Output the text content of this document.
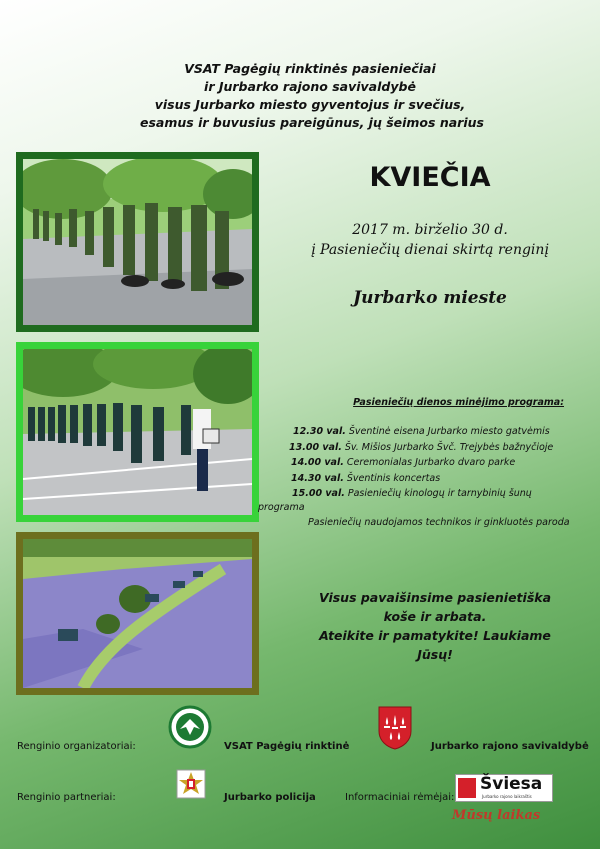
VSAT Pagėgių rinktinės pasieniečiai
ir Jurbarko rajono savivaldybė
visus Jurbarko miesto gyventojus ir svečius,
esamus ir buvusius pareigūnus, jų šeimos narius
KVIEČIA
2017 m. birželio 30 d.
į Pasieniečių dienai skirtą renginį
Jurbarko mieste
Pasieniečių dienos minėjimo programa:
12.30 val. Šventinė eisena Jurbarko miesto gatvėmis
13.00 val. Šv. Mišios Jurbarko Švč. Trejybės bažnyčioje
14.00 val. Ceremonialas Jurbarko dvaro parke
14.30 val. Šventinis koncertas
15.00 val. Pasieniečių kinologų ir tarnybinių šunų
programa
Pasieniečių naudojamos technikos ir ginkluotės paroda
Visus pavaišinsime pasienietiška
koše ir arbata.
Ateikite ir pamatykite! Laukiame Jūsų!
Renginio organizatoriai:	VSAT Pagėgių rinktinė	Jurbarko rajono savivaldybė
Renginio partneriai:	Jurbarko policija	Informaciniai rėmėjai:
Šviesa
Jurbarko rajono laikraštis
Mūsų laikas
